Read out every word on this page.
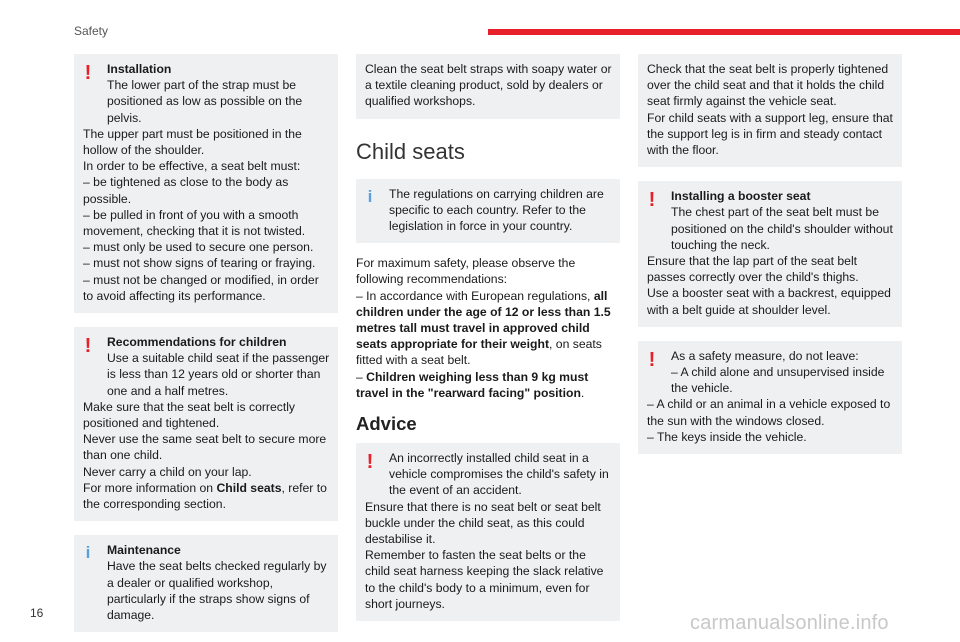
Safety
! Installation

The lower part of the strap must be positioned as low as possible on the pelvis.

The upper part must be positioned in the hollow of the shoulder.

In order to be effective, a seat belt must:

– be tightened as close to the body as possible.

– be pulled in front of you with a smooth movement, checking that it is not twisted.

– must only be used to secure one person.

– must not show signs of tearing or fraying.

– must not be changed or modified, in order to avoid affecting its performance.

! Recommendations for children

Use a suitable child seat if the passenger is less than 12 years old or shorter than one and a half metres.

Make sure that the seat belt is correctly positioned and tightened.

Never use the same seat belt to secure more than one child.

Never carry a child on your lap.

For more information on Child seats, refer to the corresponding section.

i Maintenance

Have the seat belts checked regularly by a dealer or qualified workshop, particularly if the straps show signs of damage.

Clean the seat belt straps with soapy water or a textile cleaning product, sold by dealers or qualified workshops.

Child seats
i	The regulations on carrying children are specific to each country. Refer to the legislation in force in your country.

For maximum safety, please observe the following recommendations:

– In accordance with European regulations, all children under the age of 12 or less than 1.5 metres tall must travel in approved child seats appropriate for their weight, on seats fitted with a seat belt.

– Children weighing less than 9 kg must travel in the "rearward facing" position.

Advice
!	An incorrectly installed child seat in a vehicle compromises the child's safety in the event of an accident.

Ensure that there is no seat belt or seat belt buckle under the child seat, as this could destabilise it.

Remember to fasten the seat belts or the child seat harness keeping the slack relative to the child's body to a minimum, even for short journeys.

Check that the seat belt is properly tightened over the child seat and that it holds the child seat firmly against the vehicle seat.

For child seats with a support leg, ensure that the support leg is in firm and steady contact with the floor.

! Installing a booster seat

The chest part of the seat belt must be positioned on the child's shoulder without touching the neck.

Ensure that the lap part of the seat belt passes correctly over the child's thighs.

Use a booster seat with a backrest, equipped with a belt guide at shoulder level.

!	As a safety measure, do not leave:

– A child alone and unsupervised inside the vehicle.

– A child or an animal in a vehicle exposed to the sun with the windows closed.

– The keys inside the vehicle.

16	carmanualsonline.info
